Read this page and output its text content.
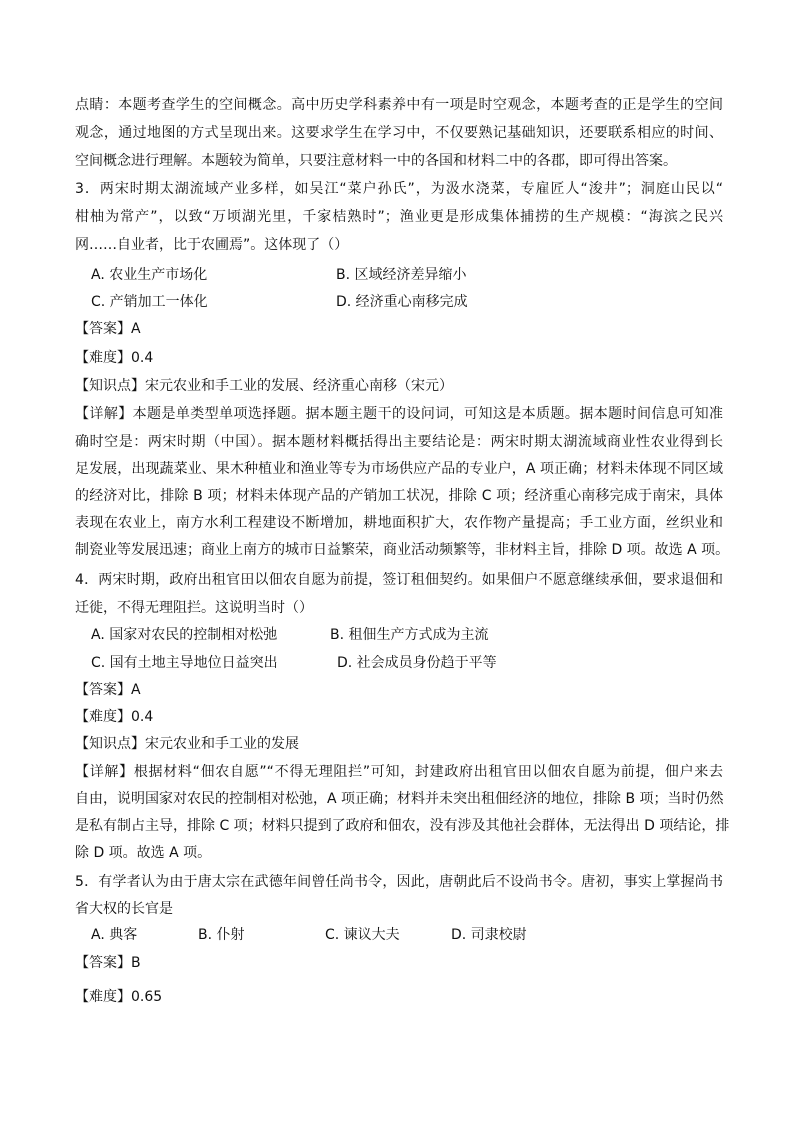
点睛：本题考查学生的空间概念。高中历史学科素养中有一项是时空观念，本题考查的正是学生的空间
观念，通过地图的方式呈现出来。这要求学生在学习中，不仅要熟记基础知识，还要联系相应的时间、
空间概念进行理解。本题较为简单，只要注意材料一中的各国和材料二中的各郡，即可得出答案。
3．两宋时期太湖流域产业多样，如吴江“菜户孙氏”，为汲水浇菜，专雇匠人“浚井”；洞庭山民以“
柑柚为常产”，以致“万顷湖光里，千家桔熟时”；渔业更是形成集体捕捞的生产规模：“海滨之民兴
网……自业者，比于农圃焉”。这体现了（）
A. 农业生产市场化	B. 区域经济差异缩小
C. 产销加工一体化	D. 经济重心南移完成
【答案】A
【难度】0.4
【知识点】宋元农业和手工业的发展、经济重心南移（宋元）
【详解】本题是单类型单项选择题。据本题主题干的设问词，可知这是本质题。据本题时间信息可知准
确时空是：两宋时期（中国）。据本题材料概括得出主要结论是：两宋时期太湖流域商业性农业得到长
足发展，出现蔬菜业、果木种植业和渔业等专为市场供应产品的专业户，A 项正确；材料未体现不同区域
的经济对比，排除 B 项；材料未体现产品的产销加工状况，排除 C 项；经济重心南移完成于南宋，具体
表现在农业上，南方水利工程建设不断增加，耕地面积扩大，农作物产量提高；手工业方面，丝织业和
制瓷业等发展迅速；商业上南方的城市日益繁荣，商业活动频繁等，非材料主旨，排除 D 项。故选 A 项。
4．两宋时期，政府出租官田以佃农自愿为前提，签订租佃契约。如果佃户不愿意继续承佃，要求退佃和
迁徙，不得无理阻拦。这说明当时（）
A. 国家对农民的控制相对松弛	B. 租佃生产方式成为主流
C. 国有土地主导地位日益突出	D. 社会成员身份趋于平等
【答案】A
【难度】0.4
【知识点】宋元农业和手工业的发展
【详解】根据材料“佃农自愿”“不得无理阻拦”可知，封建政府出租官田以佃农自愿为前提，佃户来去
自由，说明国家对农民的控制相对松弛，A 项正确；材料并未突出租佃经济的地位，排除 B 项；当时仍然
是私有制占主导，排除 C 项；材料只提到了政府和佃农，没有涉及其他社会群体，无法得出 D 项结论，排
除 D 项。故选 A 项。
5．有学者认为由于唐太宗在武德年间曾任尚书令，因此，唐朝此后不设尚书令。唐初，事实上掌握尚书
省大权的长官是
A. 典客	B. 仆射	C. 谏议大夫	D. 司隶校尉
【答案】B
【难度】0.65
